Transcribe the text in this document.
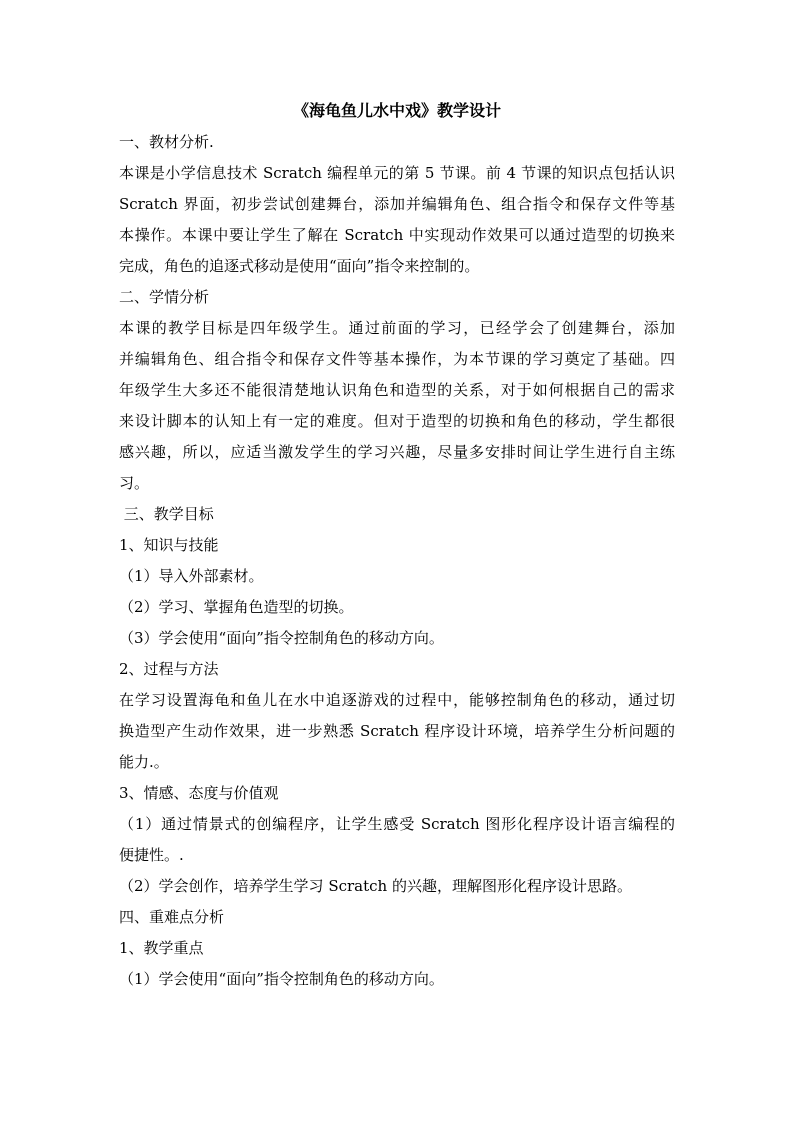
《海龟鱼儿水中戏》教学设计
一、教材分析.
本课是小学信息技术 Scratch 编程单元的第 5 节课。前 4 节课的知识点包括认识
Scratch 界面，初步尝试创建舞台，添加并编辑角色、组合指令和保存文件等基
本操作。本课中要让学生了解在 Scratch 中实现动作效果可以通过造型的切换来
完成，角色的追逐式移动是使用“面向”指令来控制的。
二、学情分析
本课的教学目标是四年级学生。通过前面的学习，已经学会了创建舞台，添加
并编辑角色、组合指令和保存文件等基本操作，为本节课的学习奠定了基础。四
年级学生大多还不能很清楚地认识角色和造型的关系，对于如何根据自己的需求
来设计脚本的认知上有一定的难度。但对于造型的切换和角色的移动，学生都很
感兴趣，所以，应适当激发学生的学习兴趣，尽量多安排时间让学生进行自主练
习。
三、教学目标
1、知识与技能
（1）导入外部素材。
（2）学习、掌握角色造型的切换。
（3）学会使用“面向”指令控制角色的移动方向。
2、过程与方法
在学习设置海龟和鱼儿在水中追逐游戏的过程中，能够控制角色的移动，通过切
换造型产生动作效果，进一步熟悉 Scratch 程序设计环境，培养学生分析问题的
能力.。
3、情感、态度与价值观
（1）通过情景式的创编程序，让学生感受 Scratch 图形化程序设计语言编程的
便捷性。.
（2）学会创作，培养学生学习 Scratch 的兴趣，理解图形化程序设计思路。
四、重难点分析
1、教学重点
（1）学会使用“面向”指令控制角色的移动方向。
